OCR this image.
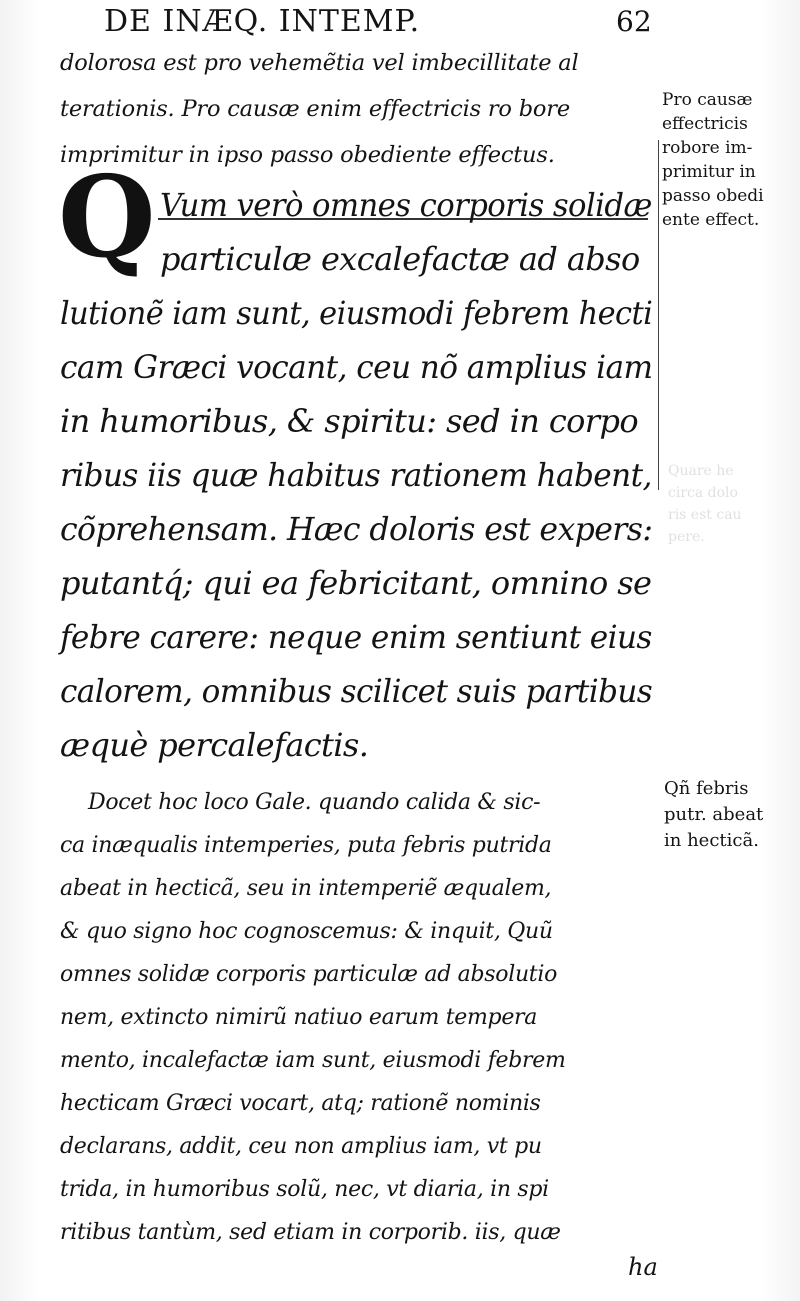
Quare he
circa dolo
ris est cau
pere.
DE INÆQ. INTEMP.	62
dolorosa est pro vehemẽtia vel imbecillitate al
terationis. Pro causæ enim effectricis ro bore
imprimitur in ipso passo obediente effectus.
Q Vum verò omnes corporis solidæ
particulæ excalefactæ ad abso
lutionẽ iam sunt, eiusmodi febrem hecti
cam Græci vocant, ceu nõ amplius iam
in humoribus, & spiritu: sed in corpo
ribus iis quæ habitus rationem habent,
cõprehensam. Hæc doloris est expers:
putantq́; qui ea febricitant, omnino se
febre carere: neque enim sentiunt eius
calorem, omnibus scilicet suis partibus
æquè percalefactis.
Docet hoc loco Gale. quando calida & sic-
ca inæqualis intemperies, puta febris putrida
abeat in hecticã, seu in intemperiẽ æqualem,
& quo signo hoc cognoscemus: & inquit, Quũ
omnes solidæ corporis particulæ ad absolutio
nem, extincto nimirũ natiuo earum tempera
mento, incalefactæ iam sunt, eiusmodi febrem
hecticam Græci vocart, atq; rationẽ nominis
declarans, addit, ceu non amplius iam, vt pu
trida, in humoribus solũ, nec, vt diaria, in spi
ritibus tantùm, sed etiam in corporib. iis, quæ
ha
Pro causæ
effectricis
robore im-
primitur in
passo obedi
ente effect.
Qñ febris
putr. abeat
in hecticã.
